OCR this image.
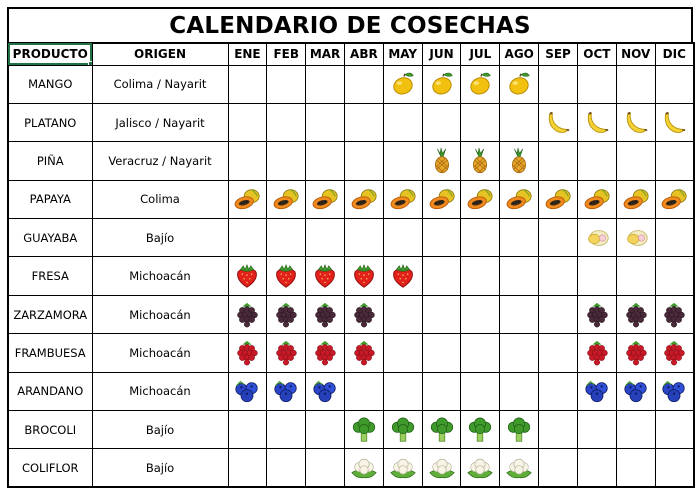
CALENDARIO DE COSECHAS
PRODUCTO	ORIGEN	ENE	FEB	MAR	ABR	MAY	JUN	JUL	AGO	SEP	OCT	NOV	DIC
MANGO	Colima / Nayarit					

PLATANO	Jalisco / Nayarit									

PIÑA	Veracruz / Nayarit						

PAPAYA	Colima	

GUAYABA	Bajío										

FRESA	Michoacán	

ZARZAMORA	Michoacán	

FRAMBUESA	Michoacán	

ARANDANO	Michoacán	

BROCOLI	Bajío				

COLIFLOR	Bajío				
